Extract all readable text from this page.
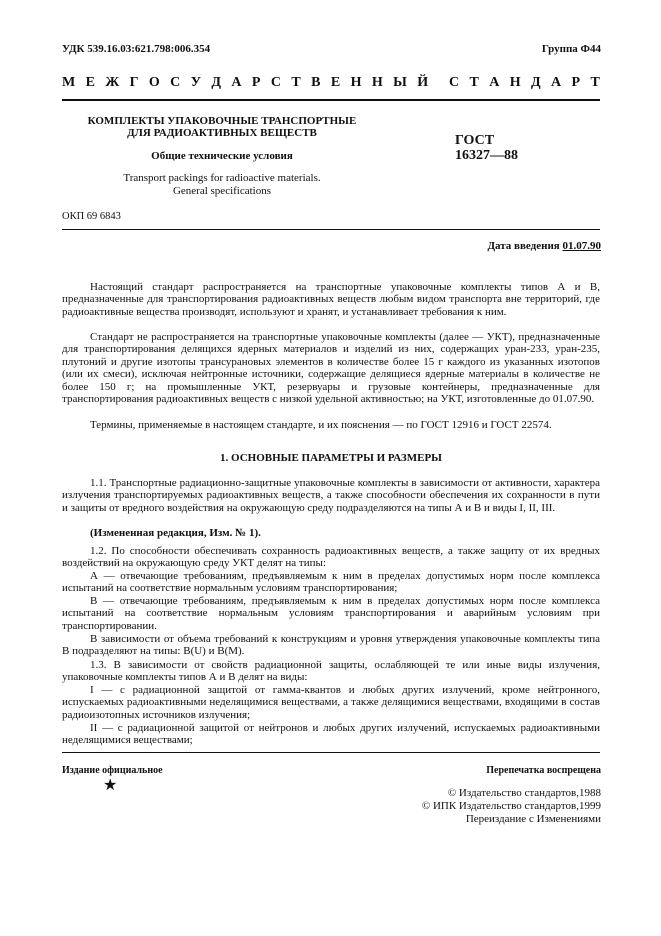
УДК 539.16.03:621.798:006.354	Группа Ф44
М Е Ж Г О С У Д А Р С Т В Е Н Н Ы Й С Т А Н Д А Р Т
КОМПЛЕКТЫ УПАКОВОЧНЫЕ ТРАНСПОРТНЫЕ
ДЛЯ РАДИОАКТИВНЫХ ВЕЩЕСТВ
Общие технические условия
Transport packings for radioactive materials.
General specifications
ГОСТ
16327—88
ОКП 69 6843
Дата введения 01.07.90
Настоящий стандарт распространяется на транспортные упаковочные комплекты типов А и В, предназначенные для транспортирования радиоактивных веществ любым видом транспорта вне территорий, где радиоактивные вещества производят, используют и хранят, и устанавливает требования к ним.
Стандарт не распространяется на транспортные упаковочные комплекты (далее — УКТ), предназначенные для транспортирования делящихся ядерных материалов и изделий из них, содержащих уран-233, уран-235, плутоний и другие изотопы трансурановых элементов в количестве более 15 г каждого из указанных изотопов (или их смеси), исключая нейтронные источники, содержащие делящиеся ядерные материалы в количестве не более 150 г; на промышленные УКТ, резервуары и грузовые контейнеры, предназначенные для транспортирования радиоактивных веществ с низкой удельной активностью; на УКТ, изготовленные до 01.07.90.
Термины, применяемые в настоящем стандарте, и их пояснения — по ГОСТ 12916 и ГОСТ 22574.
1. ОСНОВНЫЕ ПАРАМЕТРЫ И РАЗМЕРЫ
1.1. Транспортные радиационно-защитные упаковочные комплекты в зависимости от активности, характера излучения транспортируемых радиоактивных веществ, а также способности обеспечения их сохранности в пути и защиты от вредного воздействия на окружающую среду подразделяются на типы А и В и виды I, II, III.
(Измененная редакция, Изм. № 1).
1.2. По способности обеспечивать сохранность радиоактивных веществ, а также защиту от их вредных воздействий на окружающую среду УКТ делят на типы:
А — отвечающие требованиям, предъявляемым к ним в пределах допустимых норм после комплекса испытаний на соответствие нормальным условиям транспортирования;
В — отвечающие требованиям, предъявляемым к ним в пределах допустимых норм после комплекса испытаний на соответствие нормальным условиям транспортирования и аварийным условиям при транспортировании.
В зависимости от объема требований к конструкциям и уровня утверждения упаковочные комплекты типа В подразделяют на типы: В(U) и В(М).
1.3. В зависимости от свойств радиационной защиты, ослабляющей те или иные виды излучения, упаковочные комплекты типов А и В делят на виды:
I — с радиационной защитой от гамма-квантов и любых других излучений, кроме нейтронного, испускаемых радиоактивными неделящимися веществами, а также делящимися веществами, входящими в состав радиоизотопных источников излучения;
II — с радиационной защитой от нейтронов и любых других излучений, испускаемых радиоактивными неделящимися веществами;
Издание официальное
★
Перепечатка воспрещена
© Издательство стандартов,1988
© ИПК Издательство стандартов,1999
Переиздание с Изменениями
